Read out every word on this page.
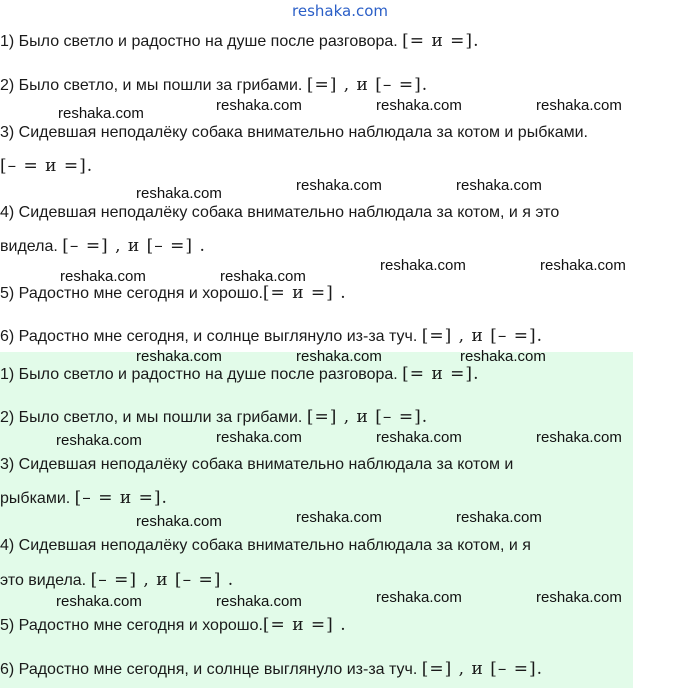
reshaka.com
1) Было светло и радостно на душе после разговора. [= и =].
2) Было светло, и мы пошли за грибами. [=] , и [– =].
3) Сидевшая неподалёку собака внимательно наблюдала за котом и рыбками.
[– = и =].
4) Сидевшая неподалёку собака внимательно наблюдала за котом, и я это
видела. [– =] , и [– =] .
5) Радостно мне сегодня и хорошо.[= и =] .
6) Радостно мне сегодня, и солнце выглянуло из-за туч. [=] , и [– =].
1) Было светло и радостно на душе после разговора. [= и =].
2) Было светло, и мы пошли за грибами. [=] , и [– =].
3) Сидевшая неподалёку собака внимательно наблюдала за котом и
рыбками. [– = и =].
4) Сидевшая неподалёку собака внимательно наблюдала за котом, и я
это видела. [– =] , и [– =] .
5) Радостно мне сегодня и хорошо.[= и =] .
6) Радостно мне сегодня, и солнце выглянуло из-за туч. [=] , и [– =].
reshaka.com	reshaka.com	reshaka.com	reshaka.com
reshaka.com	reshaka.com	reshaka.com
reshaka.com	reshaka.com
reshaka.com	reshaka.com
reshaka.com	reshaka.com	reshaka.com
reshaka.com	reshaka.com	reshaka.com	reshaka.com
reshaka.com	reshaka.com	reshaka.com
reshaka.com	reshaka.com	reshaka.com	reshaka.com
